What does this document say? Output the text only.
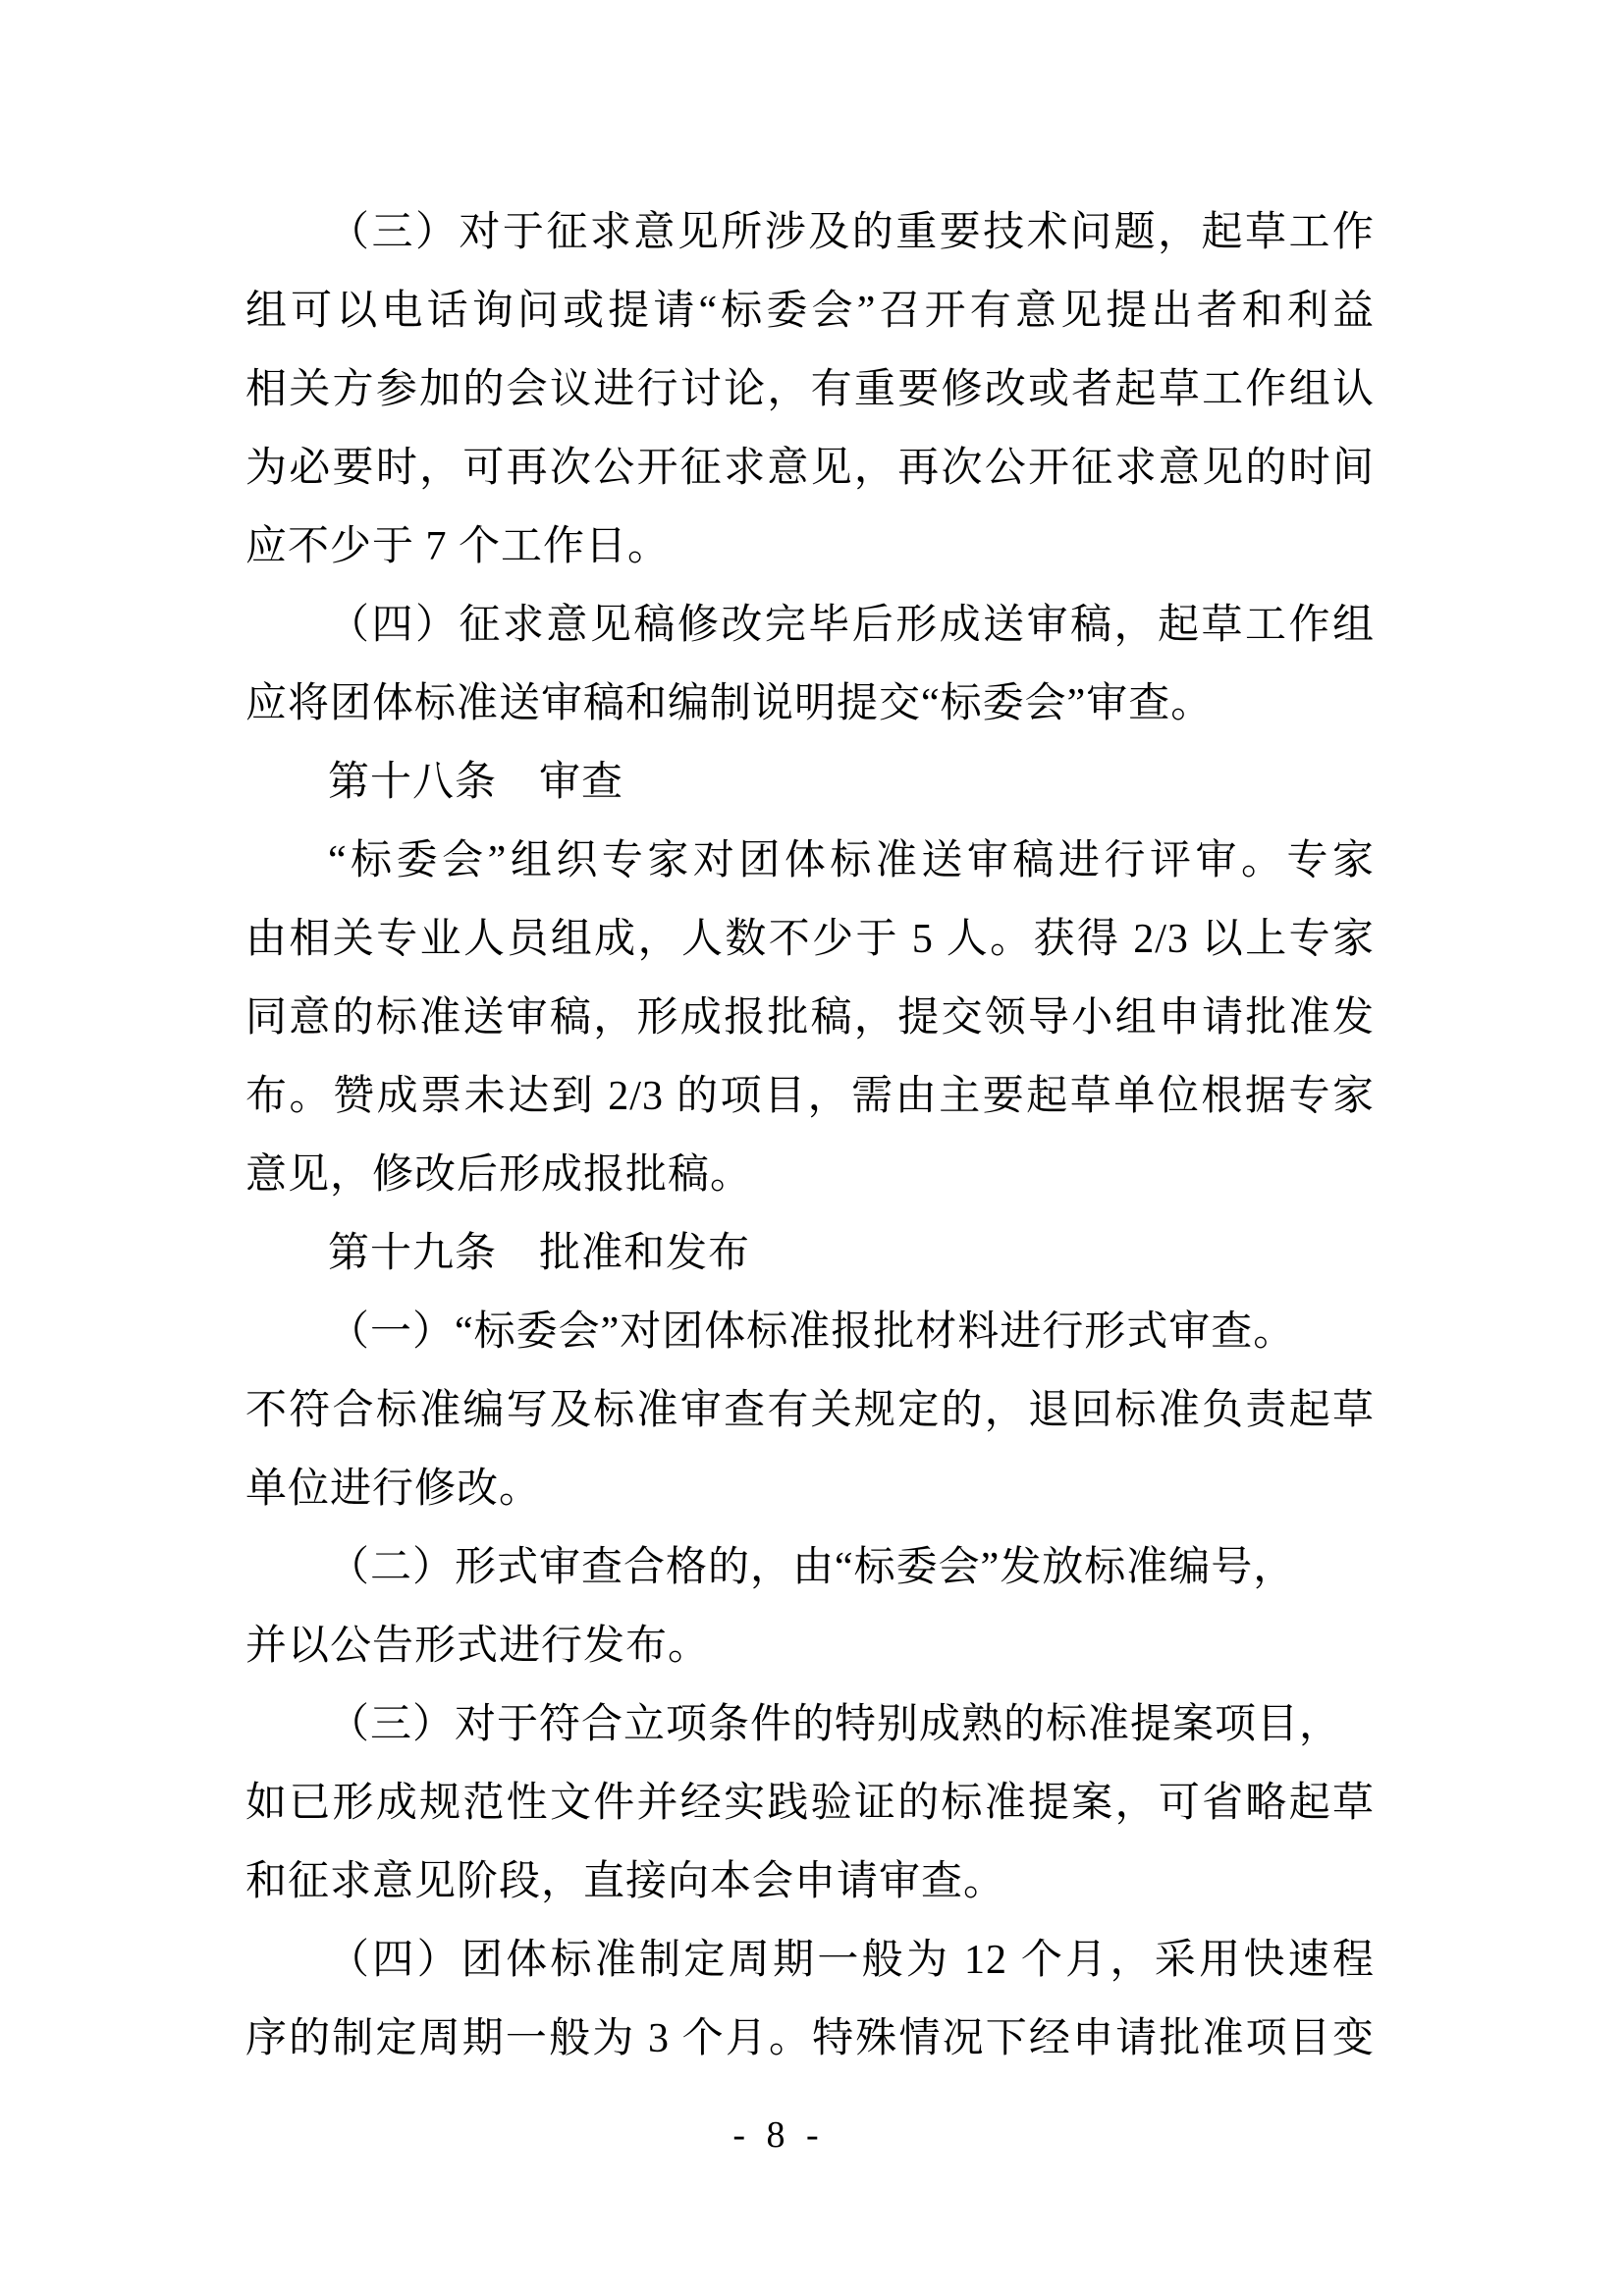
（三）对于征求意见所涉及的重要技术问题，起草工作
组可以电话询问或提请“标委会”召开有意见提出者和利益
相关方参加的会议进行讨论，有重要修改或者起草工作组认
为必要时，可再次公开征求意见，再次公开征求意见的时间
应不少于 7 个工作日。
（四）征求意见稿修改完毕后形成送审稿，起草工作组
应将团体标准送审稿和编制说明提交“标委会”审查。
第十八条　审查
“标委会”组织专家对团体标准送审稿进行评审。专家
由相关专业人员组成，人数不少于 5 人。获得 2/3 以上专家
同意的标准送审稿，形成报批稿，提交领导小组申请批准发
布。赞成票未达到 2/3 的项目，需由主要起草单位根据专家
意见，修改后形成报批稿。
第十九条　批准和发布
（一）“标委会”对团体标准报批材料进行形式审查。
不符合标准编写及标准审查有关规定的，退回标准负责起草
单位进行修改。
（二）形式审查合格的，由“标委会”发放标准编号，
并以公告形式进行发布。
（三）对于符合立项条件的特别成熟的标准提案项目，
如已形成规范性文件并经实践验证的标准提案，可省略起草
和征求意见阶段，直接向本会申请审查。
（四）团体标准制定周期一般为 12 个月，采用快速程
序的制定周期一般为 3 个月。特殊情况下经申请批准项目变
- 8 -
